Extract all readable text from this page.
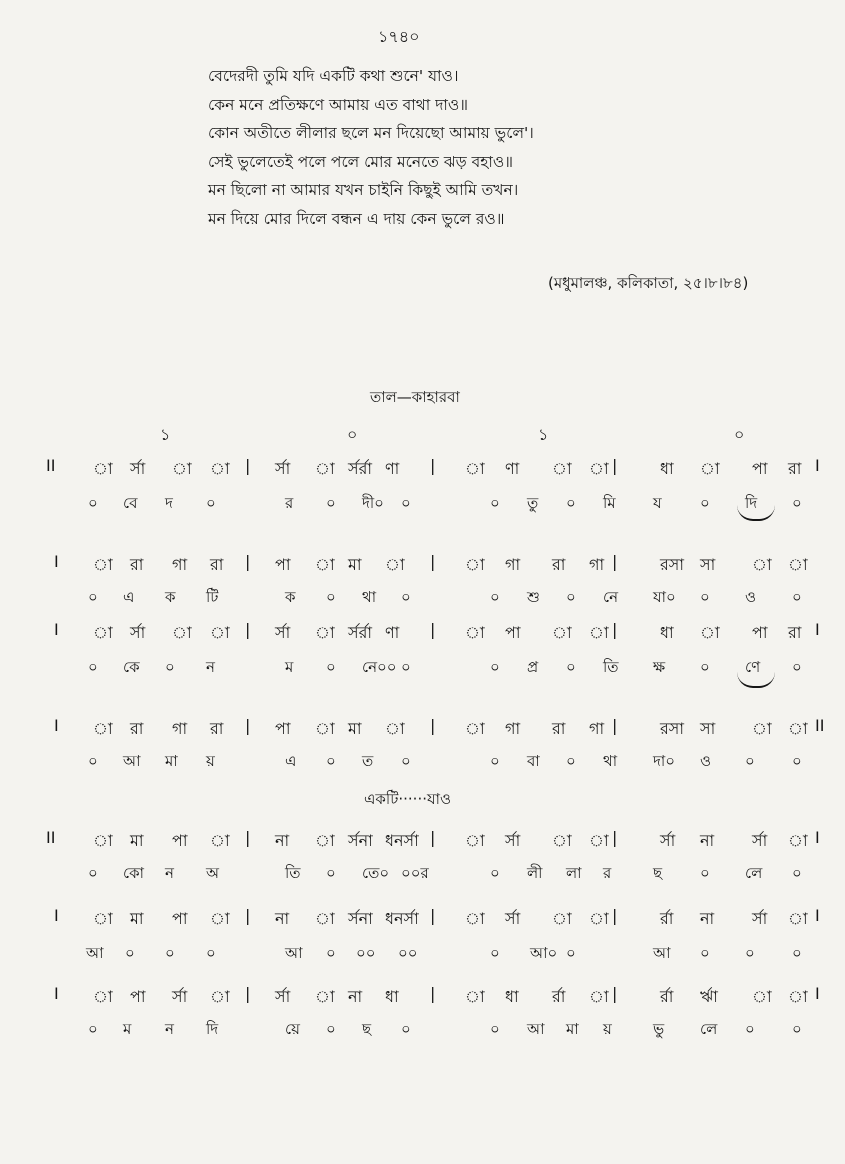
১৭৪০
বেদেরদী তুমি যদি একটি কথা শুনে' যাও।
কেন মনে প্রতিক্ষণে আমায় এত বাথা দাও॥
কোন অতীতে লীলার ছলে মন দিয়েছো আমায় ভুলে'।
সেই ভুলেতেই পলে পলে মোর মনেতে ঝড় বহাও॥
মন ছিলো না আমার যখন চাইনি কিছুই আমি তখন।
মন দিয়ে মোর দিলে বন্ধন এ দায় কেন ভুলে রও॥
(মধুমালঞ্চ, কলিকাতা, ২৫।৮।৮৪)
তাল—কাহারবা
১	০	১	০
একটি······যাও
II া র্সা া া | র্সা া র্সর্রা ণা | া ণা া া |	ধা া পা রা I
০ বে দ ০	র ০ দী০ ০	০ তু ০ মি য	০ দি ০
I া রা গা রা | পা া মা া | া গা রা গা |	রসা সা া া
০ এ ক টি	ক ০ থা ০	০ শু ০ নে যা০ ০ ও ০
I া র্সা া া | র্সা া র্সর্রা ণা | া পা া া |	ধা া পা রা I
০ কে ০ ন	ম ০ নে০০ ০	০ প্র ০ তি ক্ষ ০ ণে ০
I া রা গা রা | পা া মা া | া গা রা গা |	রসা সা া া II
০ আ মা য়	এ ০ ত ০	০ বা ০ থা দা০ ও ০ ০
II া মা পা া | না া র্সনা ধনর্সা | া র্সা া া |	র্সা না র্সা া I
০ কো ন অ	তি ০ তে০ ০০র	০ লী লা র	ছ	০ লে ০
I া মা পা া | না া র্সনা ধনর্সা | া র্সা া া |	র্রা না র্সা া I
আ ০ ০ ০	আ ০ ০০ ০০	০ আ০ ০	আ ০ ০ ০
I া পা র্সা া | র্সা া না ধা | া ধা র্রা া |	র্রা র্ঋা া া I
০ ম ন দি	য়ে ০ ছ ০	০ আ মা য়	ভু লে ০ ০
